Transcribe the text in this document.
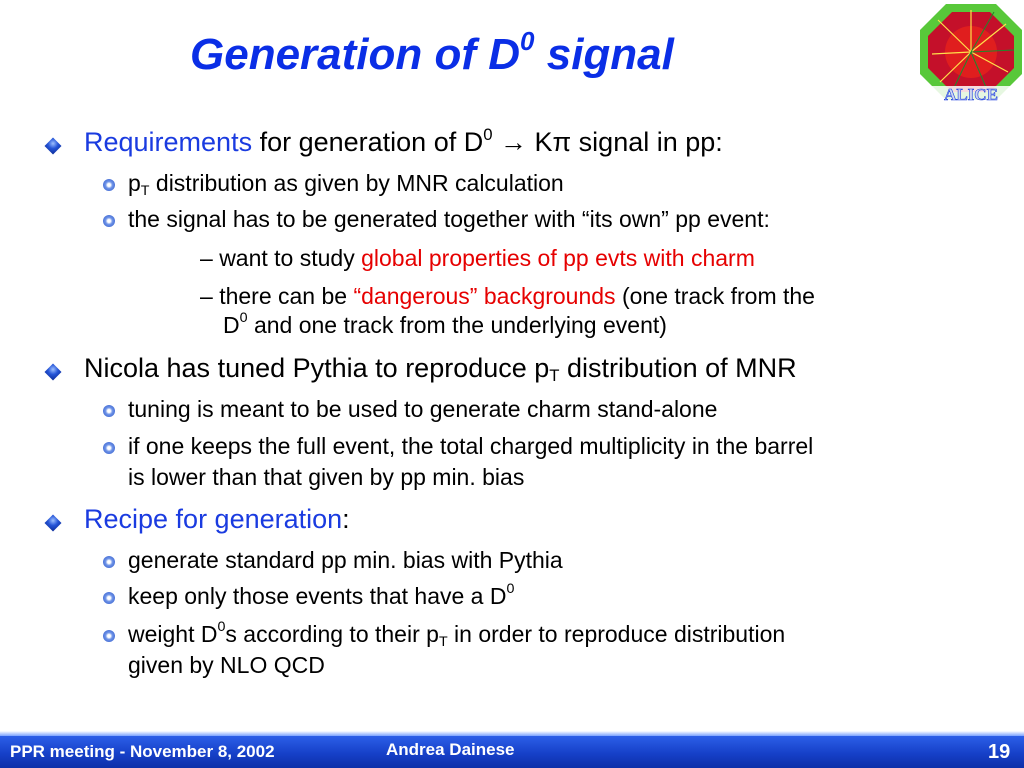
Generation of $D^0$ signal
ALICE
Requirements for generation of $D^0 \to K\pi$ signal in pp:
$p_T$ distribution as given by MNR calculation
the signal has to be generated together with “its own” pp event:
– want to study global properties of pp evts with charm
– there can be “dangerous” backgrounds (one track from the
$D^0$ and one track from the underlying event)
Nicola has tuned Pythia to reproduce $p_T$ distribution of MNR
tuning is meant to be used to generate charm stand-alone
if one keeps the full event, the total charged multiplicity in the barrel
is lower than that given by pp min. bias
Recipe for generation:
generate standard pp min. bias with Pythia
keep only those events that have a $D^0$
weight $D^0s$ according to their $p_T$ in order to reproduce distribution
given by NLO QCD
PPR meeting - November 8, 2002	Andrea Dainese	19
